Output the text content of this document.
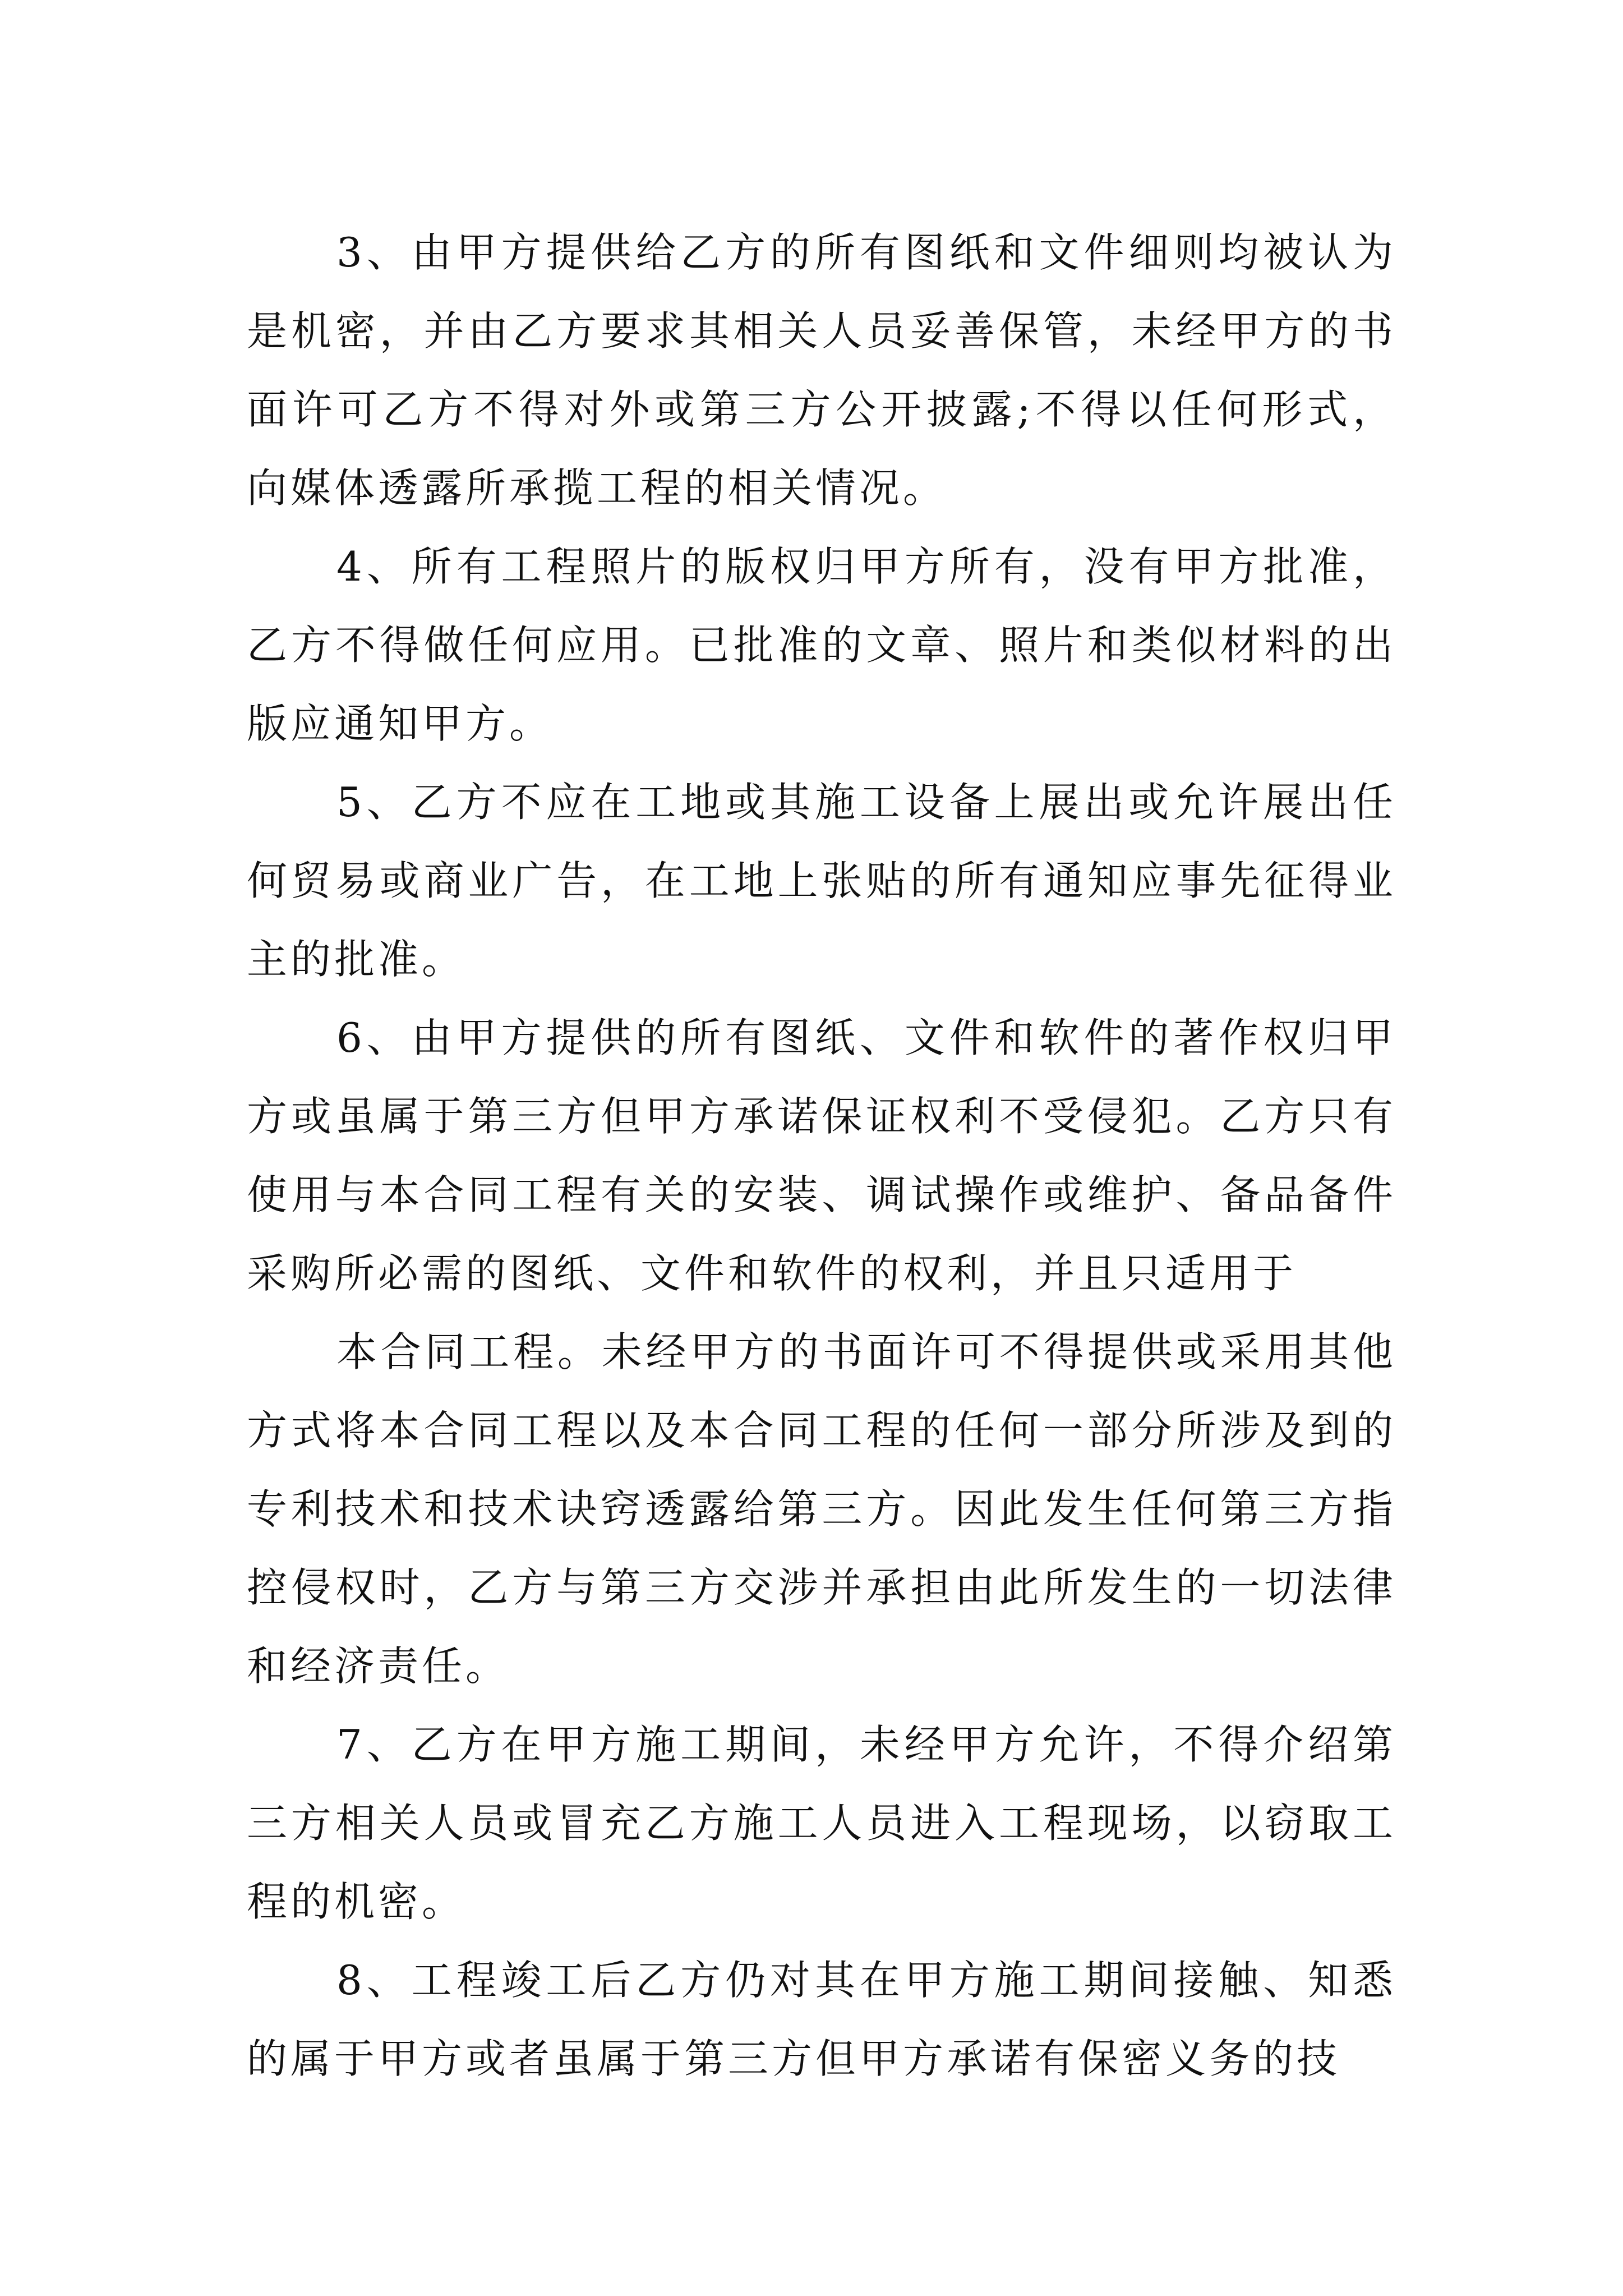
3、由甲方提供给乙方的所有图纸和文件细则均被认为是机密，并由乙方要求其相关人员妥善保管，未经甲方的书面许可乙方不得对外或第三方公开披露;不得以任何形式，向媒体透露所承揽工程的相关情况。

4、所有工程照片的版权归甲方所有，没有甲方批准，乙方不得做任何应用。已批准的文章、照片和类似材料的出版应通知甲方。

5、乙方不应在工地或其施工设备上展出或允许展出任何贸易或商业广告，在工地上张贴的所有通知应事先征得业主的批准。

6、由甲方提供的所有图纸、文件和软件的著作权归甲方或虽属于第三方但甲方承诺保证权利不受侵犯。乙方只有使用与本合同工程有关的安装、调试操作或维护、备品备件采购所必需的图纸、文件和软件的权利，并且只适用于

本合同工程。未经甲方的书面许可不得提供或采用其他方式将本合同工程以及本合同工程的任何一部分所涉及到的专利技术和技术诀窍透露给第三方。因此发生任何第三方指控侵权时，乙方与第三方交涉并承担由此所发生的一切法律和经济责任。

7、乙方在甲方施工期间，未经甲方允许，不得介绍第三方相关人员或冒充乙方施工人员进入工程现场，以窃取工程的机密。

8、工程竣工后乙方仍对其在甲方施工期间接触、知悉的属于甲方或者虽属于第三方但甲方承诺有保密义务的技
